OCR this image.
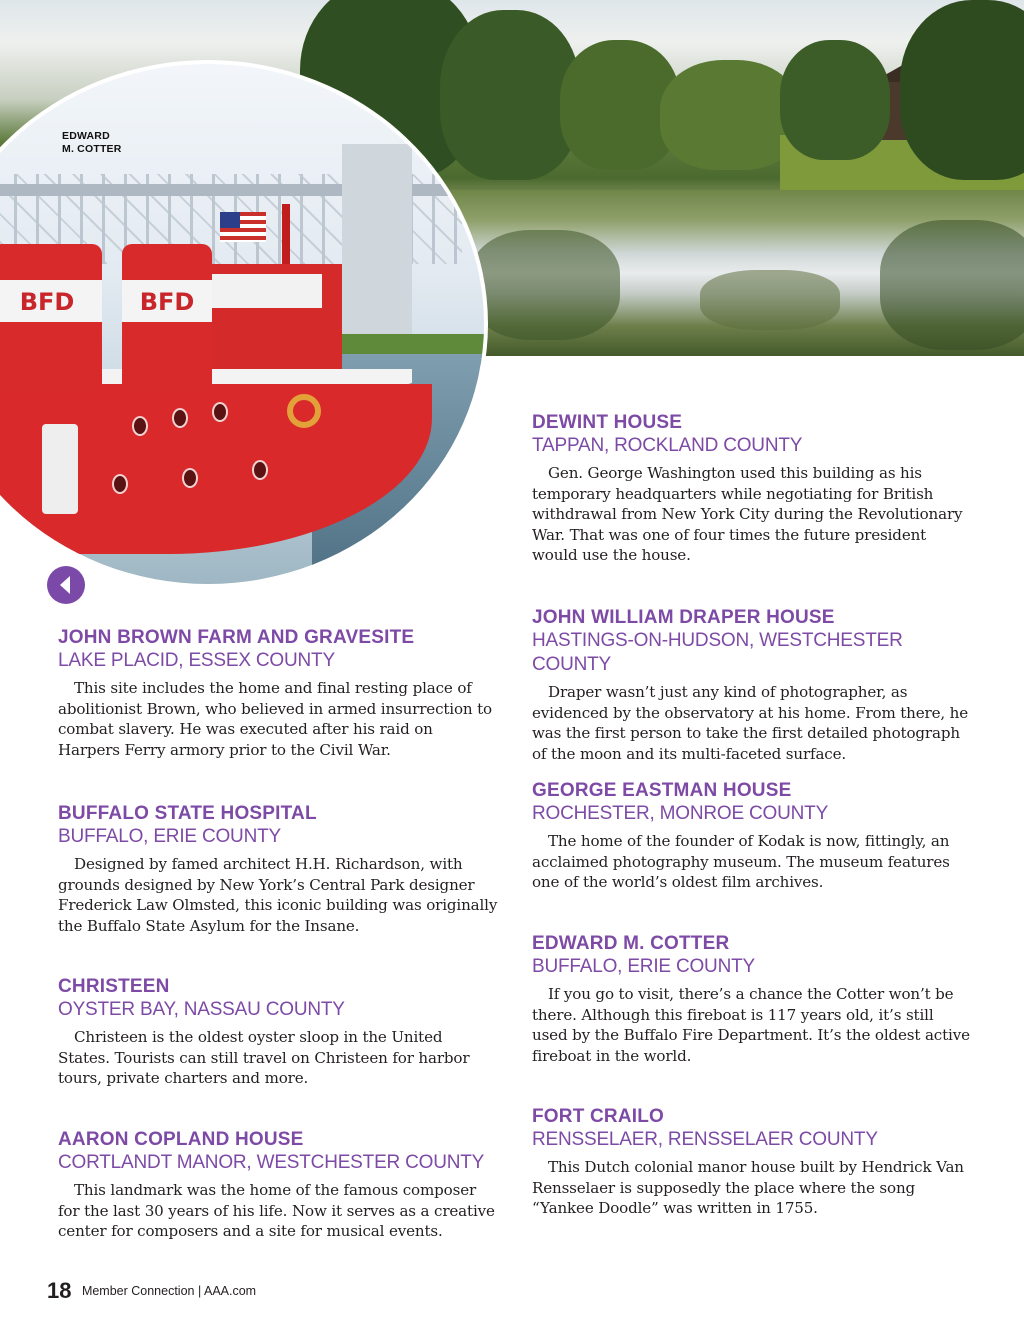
BFD	BFD
EDWARD
M. COTTER
JOHN BROWN FARM AND GRAVESITE
LAKE PLACID, ESSEX COUNTY

This site includes the home and final resting place of abolitionist Brown, who believed in armed insurrection to combat slavery. He was executed after his raid on Harpers Ferry armory prior to the Civil War.

BUFFALO STATE HOSPITAL
BUFFALO, ERIE COUNTY

Designed by famed architect H.H. Richardson, with grounds designed by New York’s Central Park designer Frederick Law Olmsted, this iconic building was originally the Buffalo State Asylum for the Insane.

CHRISTEEN
OYSTER BAY, NASSAU COUNTY

Christeen is the oldest oyster sloop in the United States. Tourists can still travel on Christeen for harbor tours, private charters and more.

AARON COPLAND HOUSE
CORTLANDT MANOR, WESTCHESTER COUNTY

This landmark was the home of the famous composer for the last 30 years of his life. Now it serves as a creative center for composers and a site for musical events.

DEWINT HOUSE
TAPPAN, ROCKLAND COUNTY

Gen. George Washington used this building as his temporary headquarters while negotiating for British withdrawal from New York City during the Revolutionary War. That was one of four times the future president would use the house.

JOHN WILLIAM DRAPER HOUSE
HASTINGS-ON-HUDSON, WESTCHESTER COUNTY

Draper wasn’t just any kind of photographer, as evidenced by the observatory at his home. From there, he was the first person to take the first detailed photograph of the moon and its multi-faceted surface.

GEORGE EASTMAN HOUSE
ROCHESTER, MONROE COUNTY

The home of the founder of Kodak is now, fittingly, an acclaimed photography museum. The museum features one of the world’s oldest film archives.

EDWARD M. COTTER
BUFFALO, ERIE COUNTY

If you go to visit, there’s a chance the Cotter won’t be there. Although this fireboat is 117 years old, it’s still used by the Buffalo Fire Department. It’s the oldest active fireboat in the world.

FORT CRAILO
RENSSELAER, RENSSELAER COUNTY

This Dutch colonial manor house built by Hendrick Van Rensselaer is supposedly the place where the song “Yankee Doodle” was written in 1755.

18 Member Connection | AAA.com
